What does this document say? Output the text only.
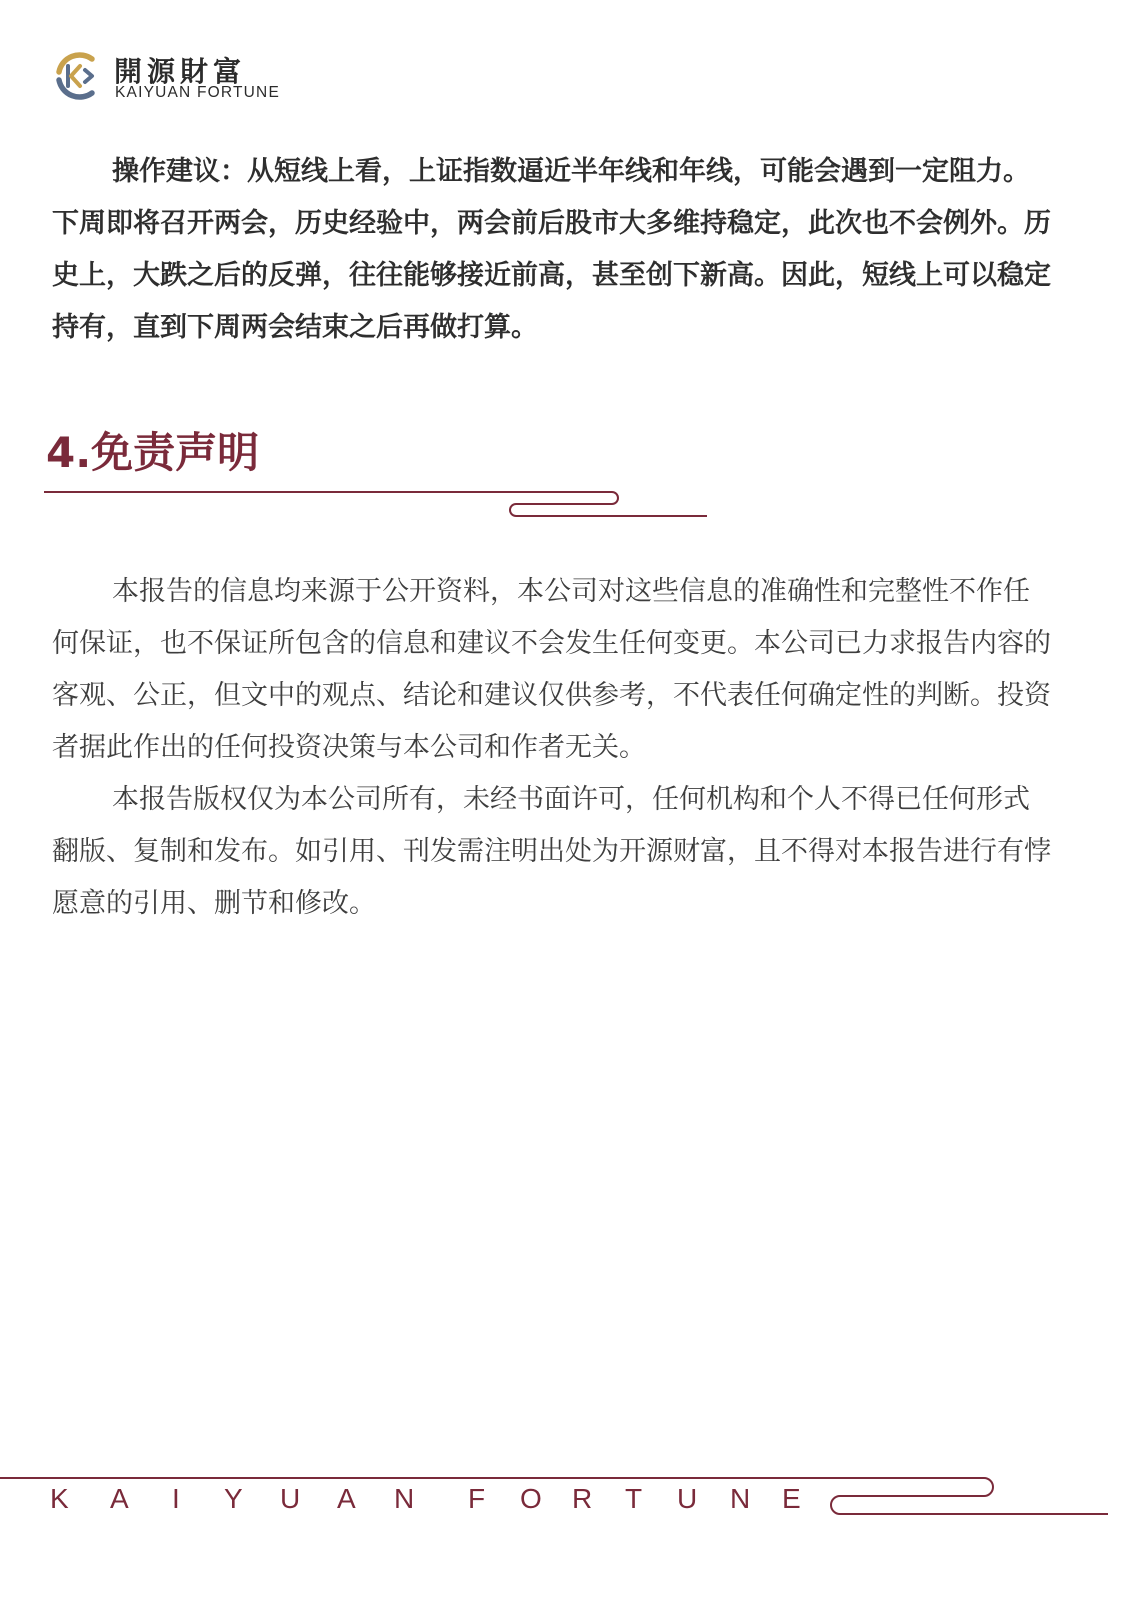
開源財富
KAIYUAN FORTUNE

操作建议：从短线上看，上证指数逼近半年线和年线，可能会遇到一定阻力。下周即将召开两会，历史经验中，两会前后股市大多维持稳定，此次也不会例外。历史上，大跌之后的反弹，往往能够接近前高，甚至创下新高。因此，短线上可以稳定持有，直到下周两会结束之后再做打算。

4.免责声明

本报告的信息均来源于公开资料，本公司对这些信息的准确性和完整性不作任何保证，也不保证所包含的信息和建议不会发生任何变更。本公司已力求报告内容的客观、公正，但文中的观点、结论和建议仅供参考，不代表任何确定性的判断。投资者据此作出的任何投资决策与本公司和作者无关。

本报告版权仅为本公司所有，未经书面许可，任何机构和个人不得已任何形式翻版、复制和发布。如引用、刊发需注明出处为开源财富，且不得对本报告进行有悖愿意的引用、删节和修改。

K A I Y U A N F O R T U N E
